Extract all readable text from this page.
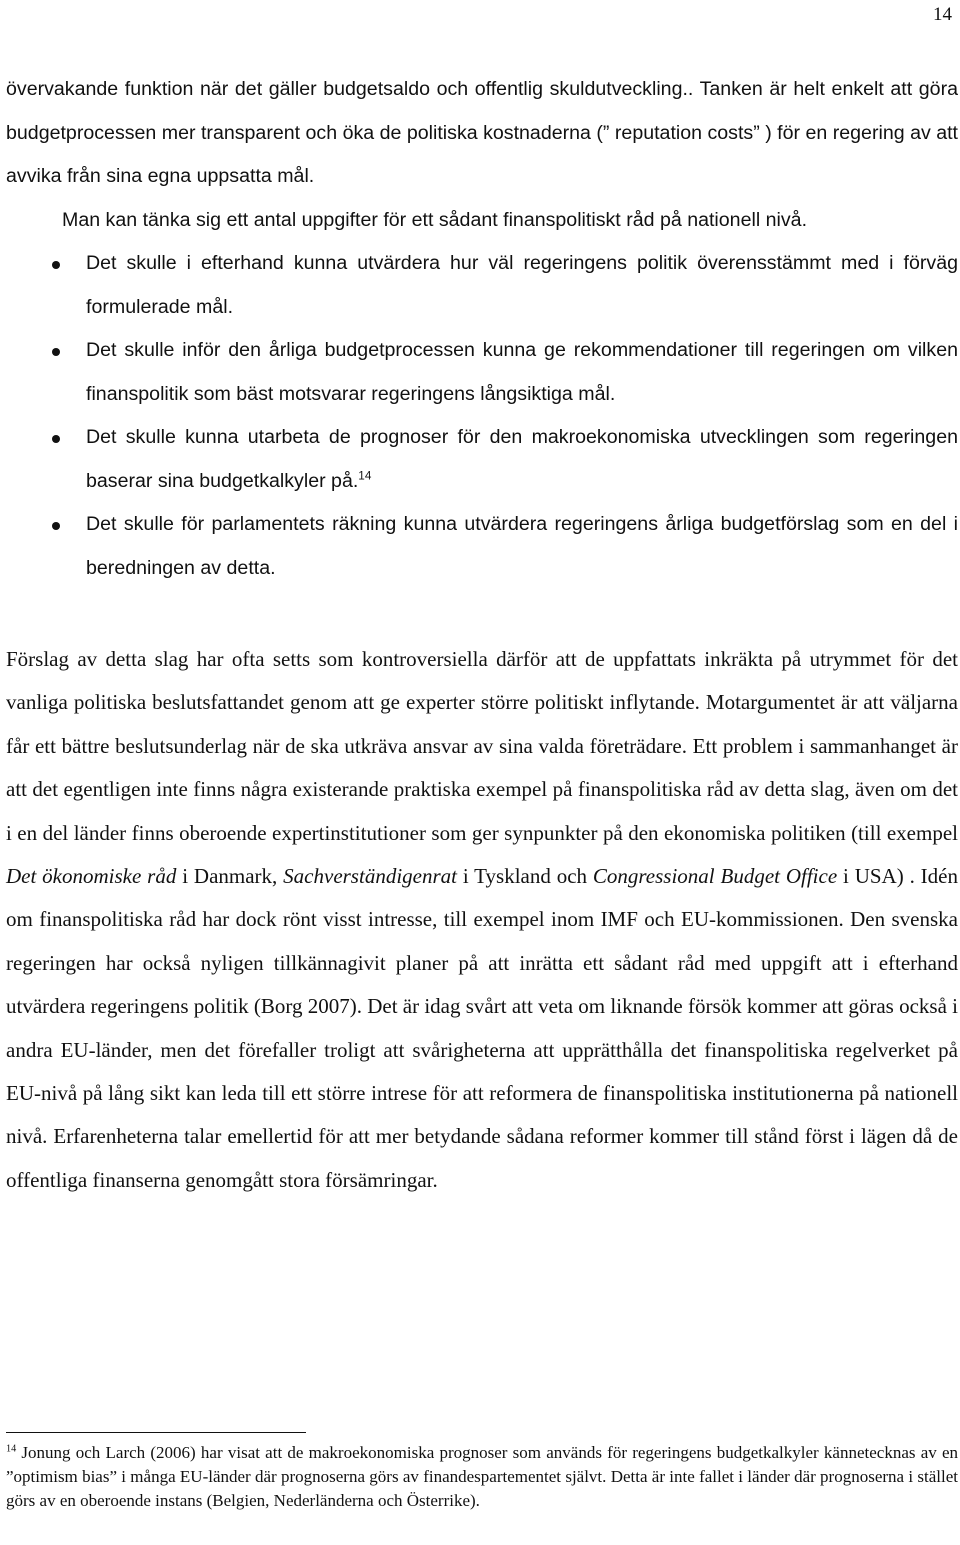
14

övervakande funktion när det gäller budgetsaldo och offentlig skuldutveckling.. Tanken är helt enkelt att göra budgetprocessen mer transparent och öka de politiska kostnaderna (” reputation costs” ) för en regering av att avvika från sina egna uppsatta mål.

Man kan tänka sig ett antal uppgifter för ett sådant finanspolitiskt råd på nationell nivå.

Det skulle i efterhand kunna utvärdera hur väl regeringens politik överensstämmt med i förväg formulerade mål.
Det skulle inför den årliga budgetprocessen kunna ge rekommendationer till regeringen om vilken finanspolitik som bäst motsvarar regeringens långsiktiga mål.
Det skulle kunna utarbeta de prognoser för den makroekonomiska utvecklingen som regeringen baserar sina budgetkalkyler på.$^{14}$
Det skulle för parlamentets räkning kunna utvärdera regeringens årliga budgetförslag som en del i beredningen av detta.

Förslag av detta slag har ofta setts som kontroversiella därför att de uppfattats inkräkta på utrymmet för det vanliga politiska beslutsfattandet genom att ge experter större politiskt inflytande. Motargumentet är att väljarna får ett bättre beslutsunderlag när de ska utkräva ansvar av sina valda företrädare. Ett problem i sammanhanget är att det egentligen inte finns några existerande praktiska exempel på finanspolitiska råd av detta slag, även om det i en del länder finns oberoende expertinstitutioner som ger synpunkter på den ekonomiska politiken (till exempel Det ökonomiske råd i Danmark, Sachverständigenrat i Tyskland och Congressional Budget Office i USA) . Idén om finanspolitiska råd har dock rönt visst intresse, till exempel inom IMF och EU-kommissionen. Den svenska regeringen har också nyligen tillkännagivit planer på att inrätta ett sådant råd med uppgift att i efterhand utvärdera regeringens politik (Borg 2007). Det är idag svårt att veta om liknande försök kommer att göras också i andra EU-länder, men det förefaller troligt att svårigheterna att upprätthålla det finanspolitiska regelverket på EU-nivå på lång sikt kan leda till ett större intrese för att reformera de finanspolitiska institutionerna på nationell nivå. Erfarenheterna talar emellertid för att mer betydande sådana reformer kommer till stånd först i lägen då de offentliga finanserna genomgått stora försämringar.

$^{14}$ Jonung och Larch (2006) har visat att de makroekonomiska prognoser som används för regeringens budgetkalkyler kännetecknas av en ”optimism bias” i många EU-länder där prognoserna görs av finandespartementet självt. Detta är inte fallet i länder där prognoserna i stället görs av en oberoende instans (Belgien, Nederländerna och Österrike).
